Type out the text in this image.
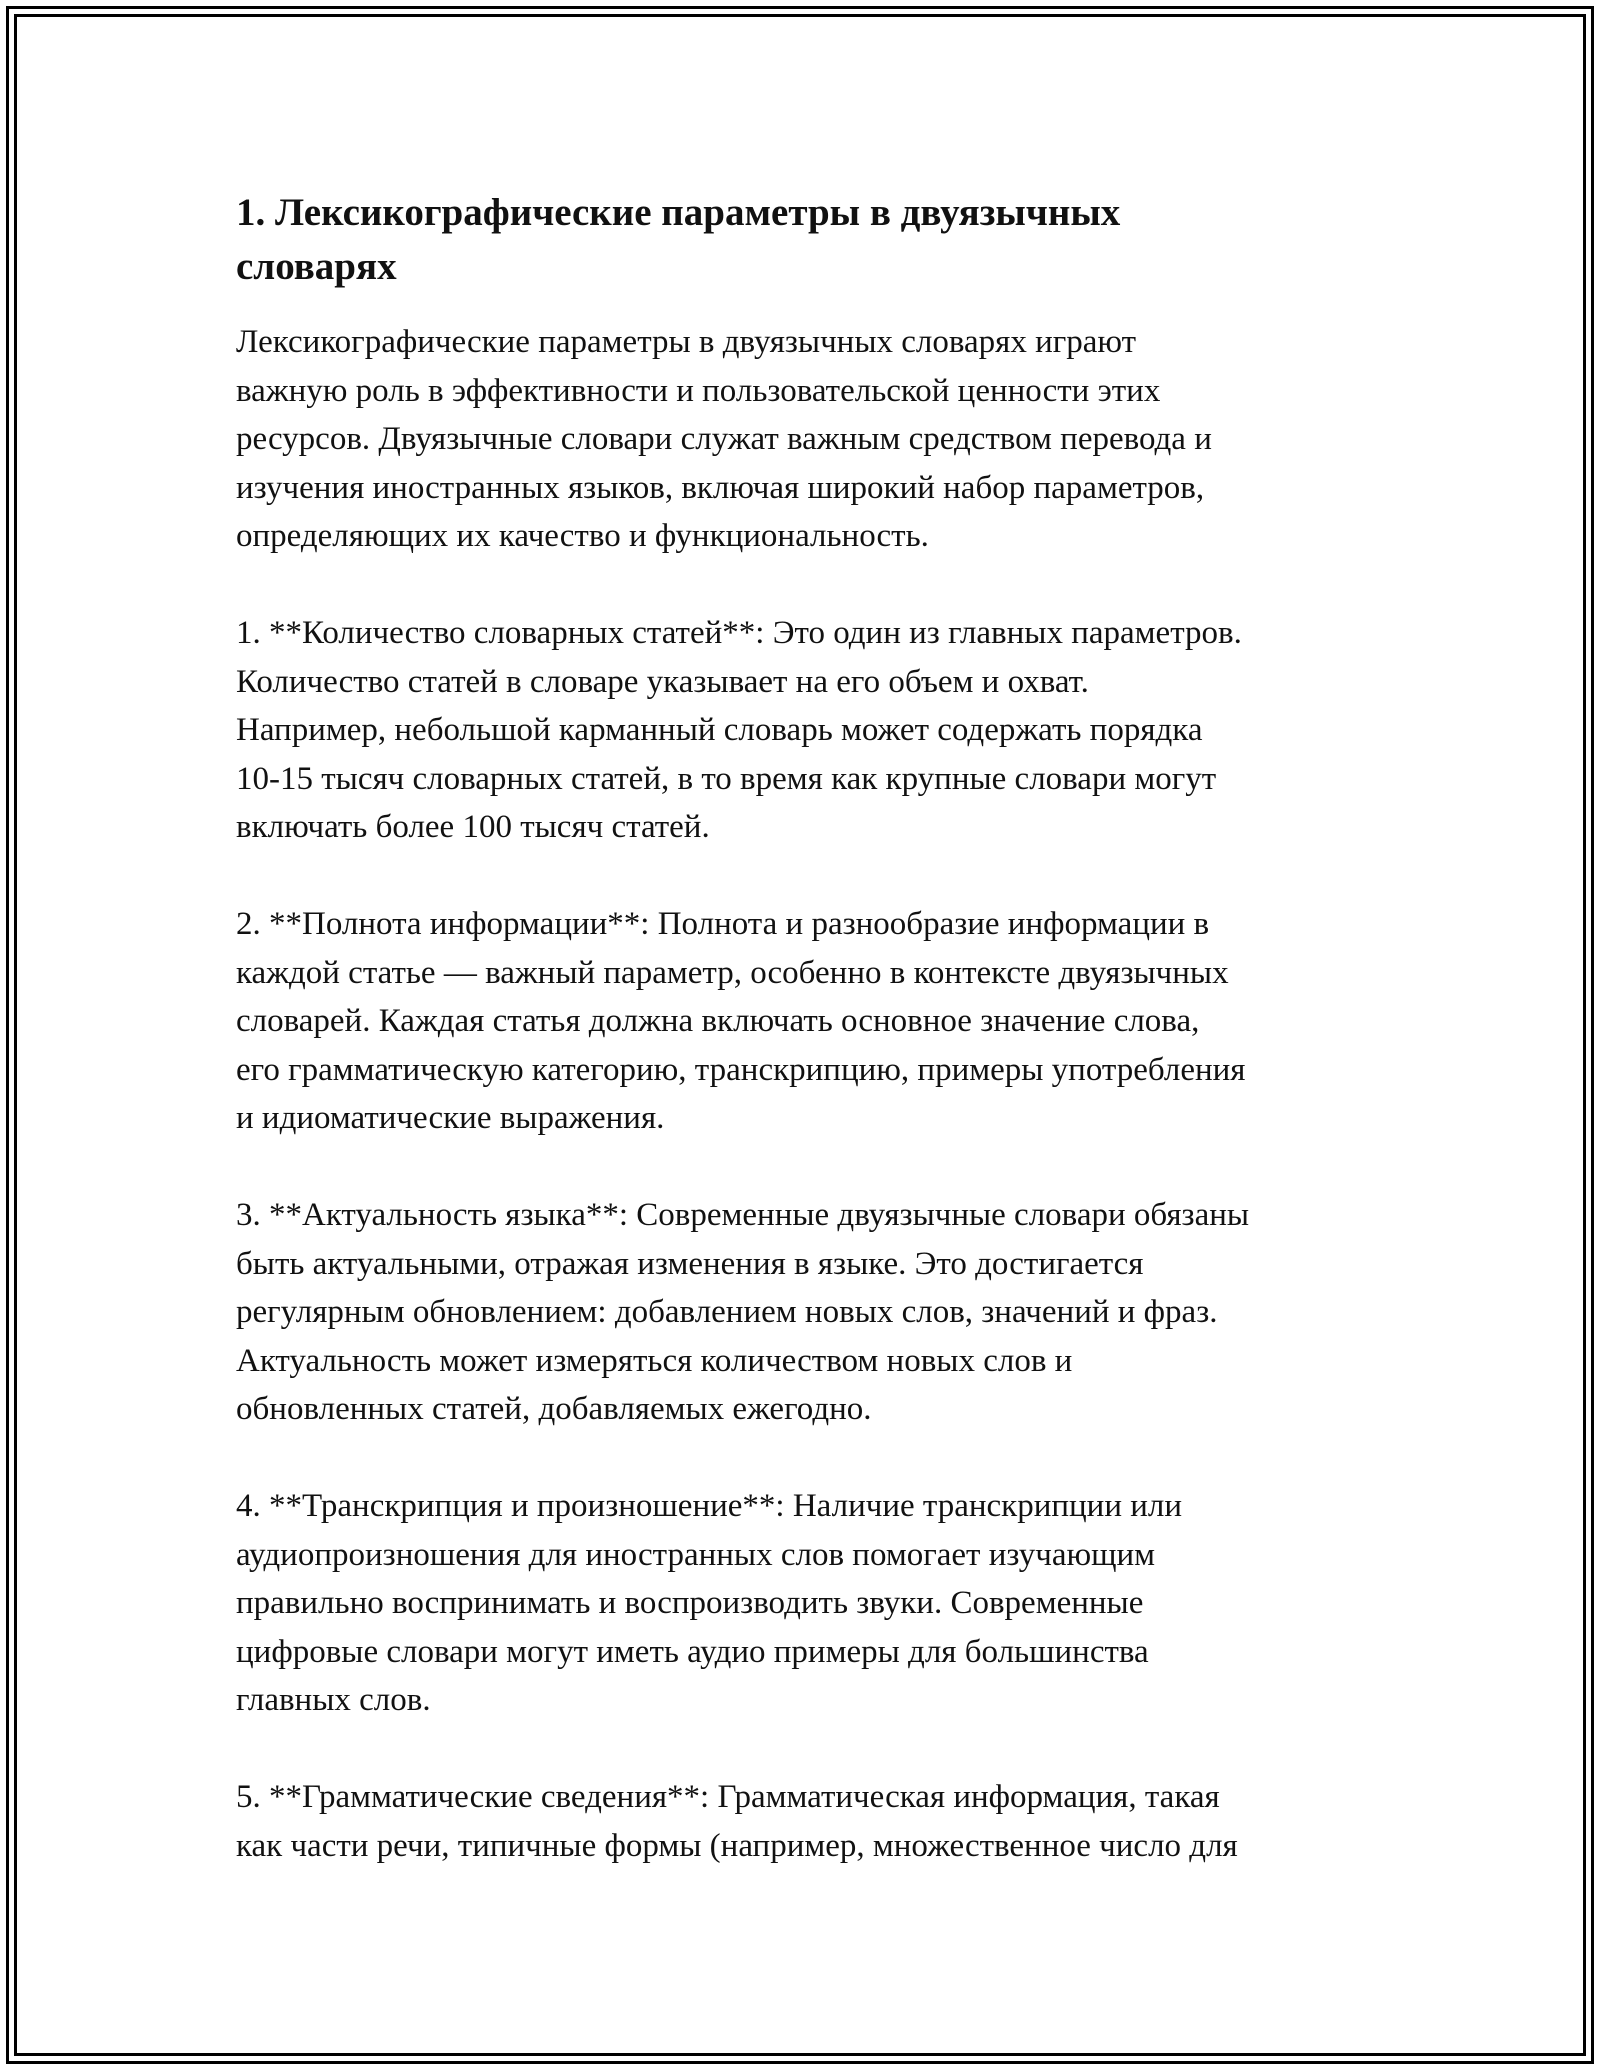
1. Лексикографические параметры в двуязычных
словарях

Лексикографические параметры в двуязычных словарях играют
важную роль в эффективности и пользовательской ценности этих
ресурсов. Двуязычные словари служат важным средством перевода и
изучения иностранных языков, включая широкий набор параметров,
определяющих их качество и функциональность.

1. **Количество словарных статей**: Это один из главных параметров.
Количество статей в словаре указывает на его объем и охват.
Например, небольшой карманный словарь может содержать порядка
10-15 тысяч словарных статей, в то время как крупные словари могут
включать более 100 тысяч статей.

2. **Полнота информации**: Полнота и разнообразие информации в
каждой статье — важный параметр, особенно в контексте двуязычных
словарей. Каждая статья должна включать основное значение слова,
его грамматическую категорию, транскрипцию, примеры употребления
и идиоматические выражения.

3. **Актуальность языка**: Современные двуязычные словари обязаны
быть актуальными, отражая изменения в языке. Это достигается
регулярным обновлением: добавлением новых слов, значений и фраз.
Актуальность может измеряться количеством новых слов и
обновленных статей, добавляемых ежегодно.

4. **Транскрипция и произношение**: Наличие транскрипции или
аудиопроизношения для иностранных слов помогает изучающим
правильно воспринимать и воспроизводить звуки. Современные
цифровые словари могут иметь аудио примеры для большинства
главных слов.

5. **Грамматические сведения**: Грамматическая информация, такая
как части речи, типичные формы (например, множественное число для
